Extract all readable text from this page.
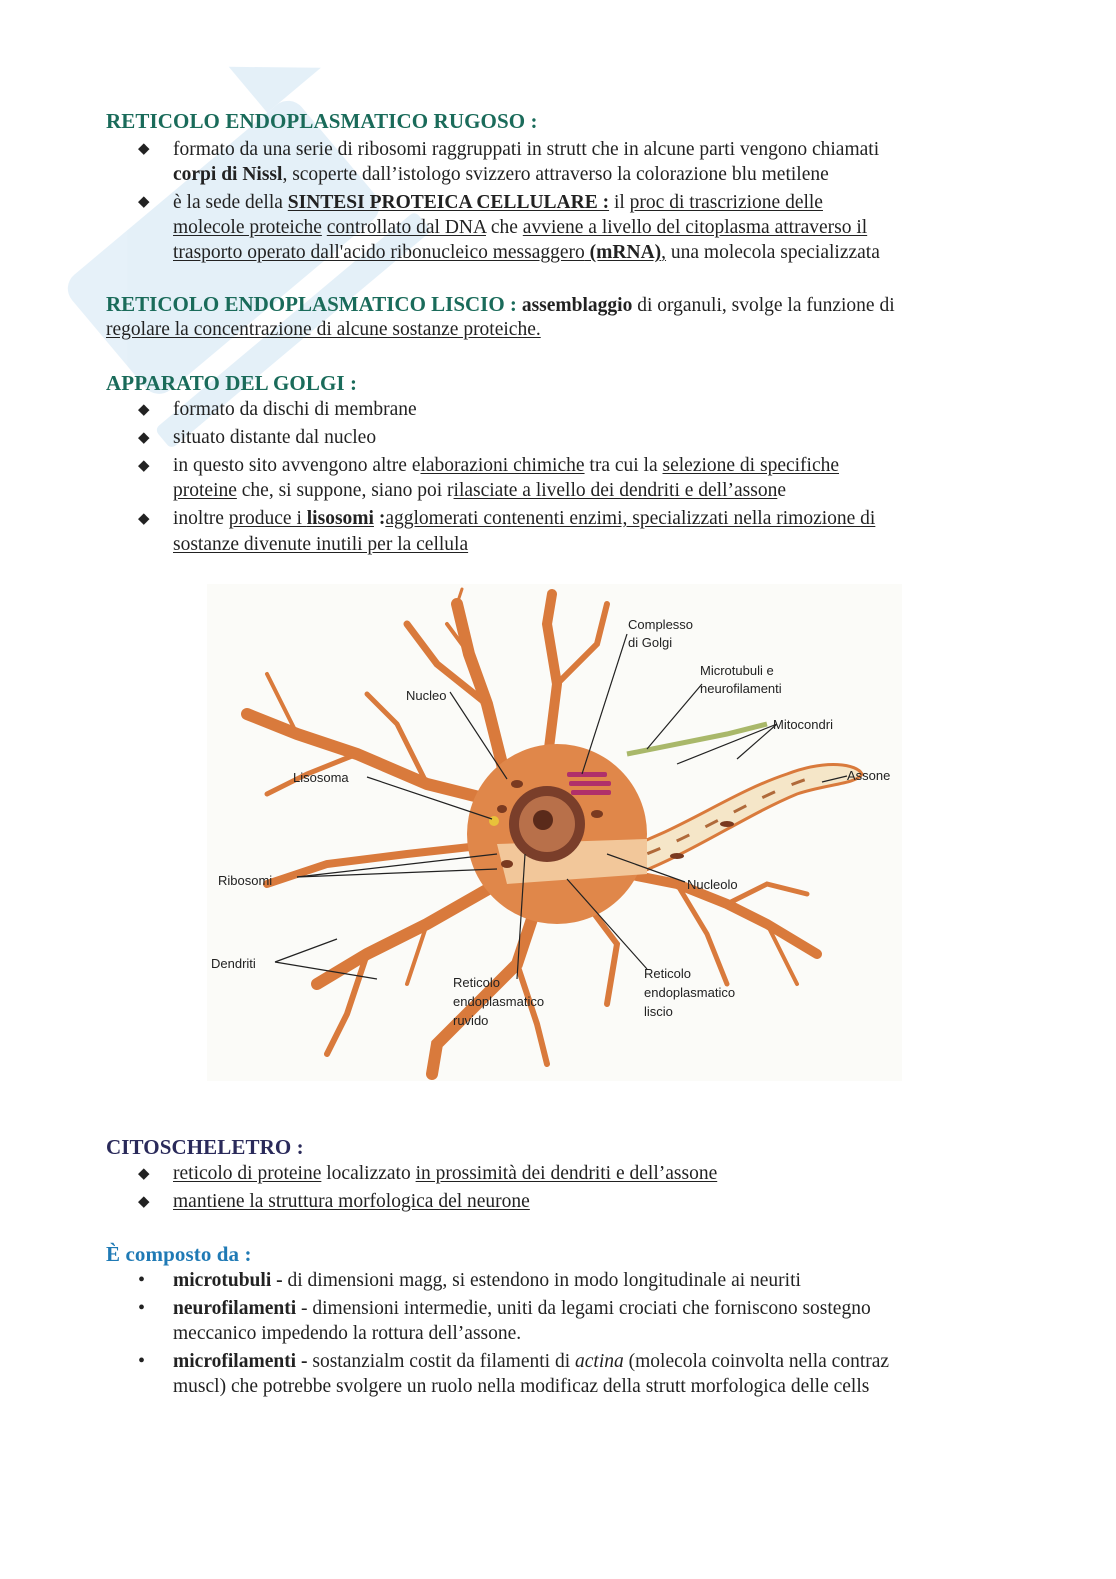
RETICOLO ENDOPLASMATICO RUGOSO :
◆ formato da una serie di ribosomi raggruppati in strutt che in alcune parti vengono chiamati
corpi di Nissl, scoperte dall’istologo svizzero attraverso la colorazione blu metilene
◆ è la sede della SINTESI PROTEICA CELLULARE : il proc di trascrizione delle
molecole proteiche controllato dal DNA che avviene a livello del citoplasma attraverso il
trasporto operato dall'acido ribonucleico messaggero (mRNA), una molecola specializzata
RETICOLO ENDOPLASMATICO LISCIO : assemblaggio di organuli, svolge la funzione di
regolare la concentrazione di alcune sostanze proteiche.
APPARATO DEL GOLGI :
◆ formato da dischi di membrane
◆ situato distante dal nucleo
◆ in questo sito avvengono altre elaborazioni chimiche tra cui la selezione di specifiche
proteine che, si suppone, siano poi rilasciate a livello dei dendriti e dell’assone
◆ inoltre produce i lisosomi :agglomerati contenenti enzimi, specializzati nella rimozione di
sostanze divenute inutili per la cellula
Complesso
di Golgi
Microtubuli e
neurofilamenti
Nucleo
Mitocondri
Lisosoma	Assone
Ribosomi	Nucleolo
Dendriti
Reticolo
endoplasmatico
ruvido
Reticolo
endoplasmatico
liscio
CITOSCHELETRO :
◆ reticolo di proteine localizzato in prossimità dei dendriti e dell’assone
◆ mantiene la struttura morfologica del neurone
È composto da :
• microtubuli - di dimensioni magg, si estendono in modo longitudinale ai neuriti
• neurofilamenti - dimensioni intermedie, uniti da legami crociati che forniscono sostegno
meccanico impedendo la rottura dell’assone.
• microfilamenti - sostanzialm costit da filamenti di actina (molecola coinvolta nella contraz
muscl) che potrebbe svolgere un ruolo nella modificaz della strutt morfologica delle cells
